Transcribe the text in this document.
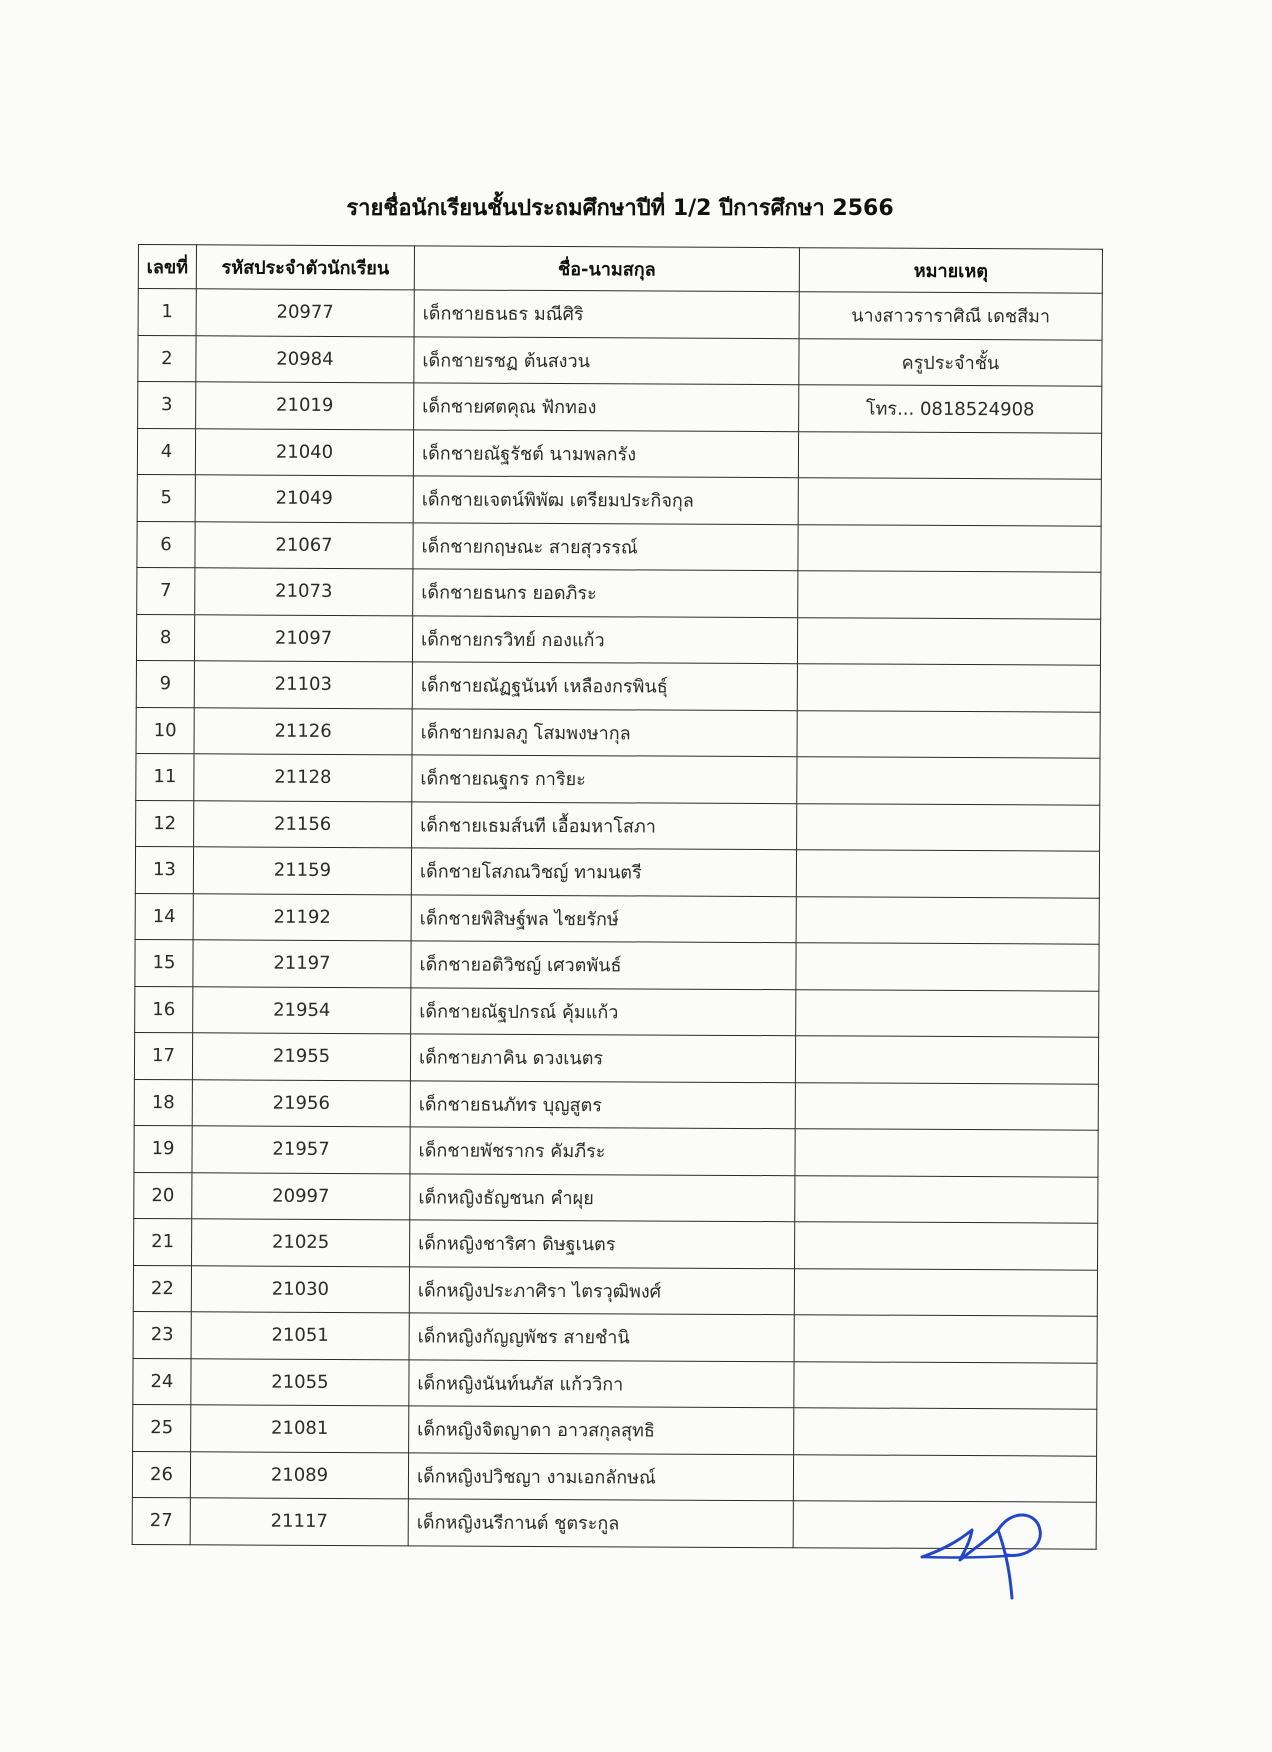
รายชื่อนักเรียนชั้นประถมศึกษาปีที่ 1/2 ปีการศึกษา 2566
เลขที่	รหัสประจำตัวนักเรียน	ชื่อ-นามสกุล	หมายเหตุ
1	20977	เด็กชายธนธร มณีศิริ	นางสาวราราศิณี เดชสีมา
2	20984	เด็กชายรชฏ ต้นสงวน	ครูประจำชั้น
3	21019	เด็กชายศตคุณ ฟักทอง	โทร... 0818524908
4	21040	เด็กชายณัฐรัชต์ นามพลกรัง	
5	21049	เด็กชายเจตน์พิพัฒ เตรียมประกิจกุล	
6	21067	เด็กชายกฤษณะ สายสุวรรณ์	
7	21073	เด็กชายธนกร ยอดภิระ	
8	21097	เด็กชายกรวิทย์ กองแก้ว	
9	21103	เด็กชายณัฏฐนันท์ เหลืองกรพินธุ์	
10	21126	เด็กชายกมลภู โสมพงษากุล	
11	21128	เด็กชายณฐกร การิยะ	
12	21156	เด็กชายเธมส์นที เอื้อมหาโสภา	
13	21159	เด็กชายโสภณวิชญ์ ทามนตรี	
14	21192	เด็กชายพิสิษฐ์พล ไชยรักษ์	
15	21197	เด็กชายอติวิชญ์ เศวตพันธ์	
16	21954	เด็กชายณัฐปกรณ์ คุ้มแก้ว	
17	21955	เด็กชายภาคิน ดวงเนตร	
18	21956	เด็กชายธนภัทร บุญสูตร	
19	21957	เด็กชายพัชรากร คัมภีระ	
20	20997	เด็กหญิงธัญชนก คำผุย	
21	21025	เด็กหญิงชาริศา ดิษฐเนตร	
22	21030	เด็กหญิงประภาศิรา ไตรวุฒิพงศ์	
23	21051	เด็กหญิงกัญญพัชร สายชำนิ	
24	21055	เด็กหญิงนันท์นภัส แก้ววิกา	
25	21081	เด็กหญิงจิตญาดา อาวสกุลสุทธิ	
26	21089	เด็กหญิงปวิชญา งามเอกลักษณ์	
27	21117	เด็กหญิงนรีกานต์ ชูตระกูล	
